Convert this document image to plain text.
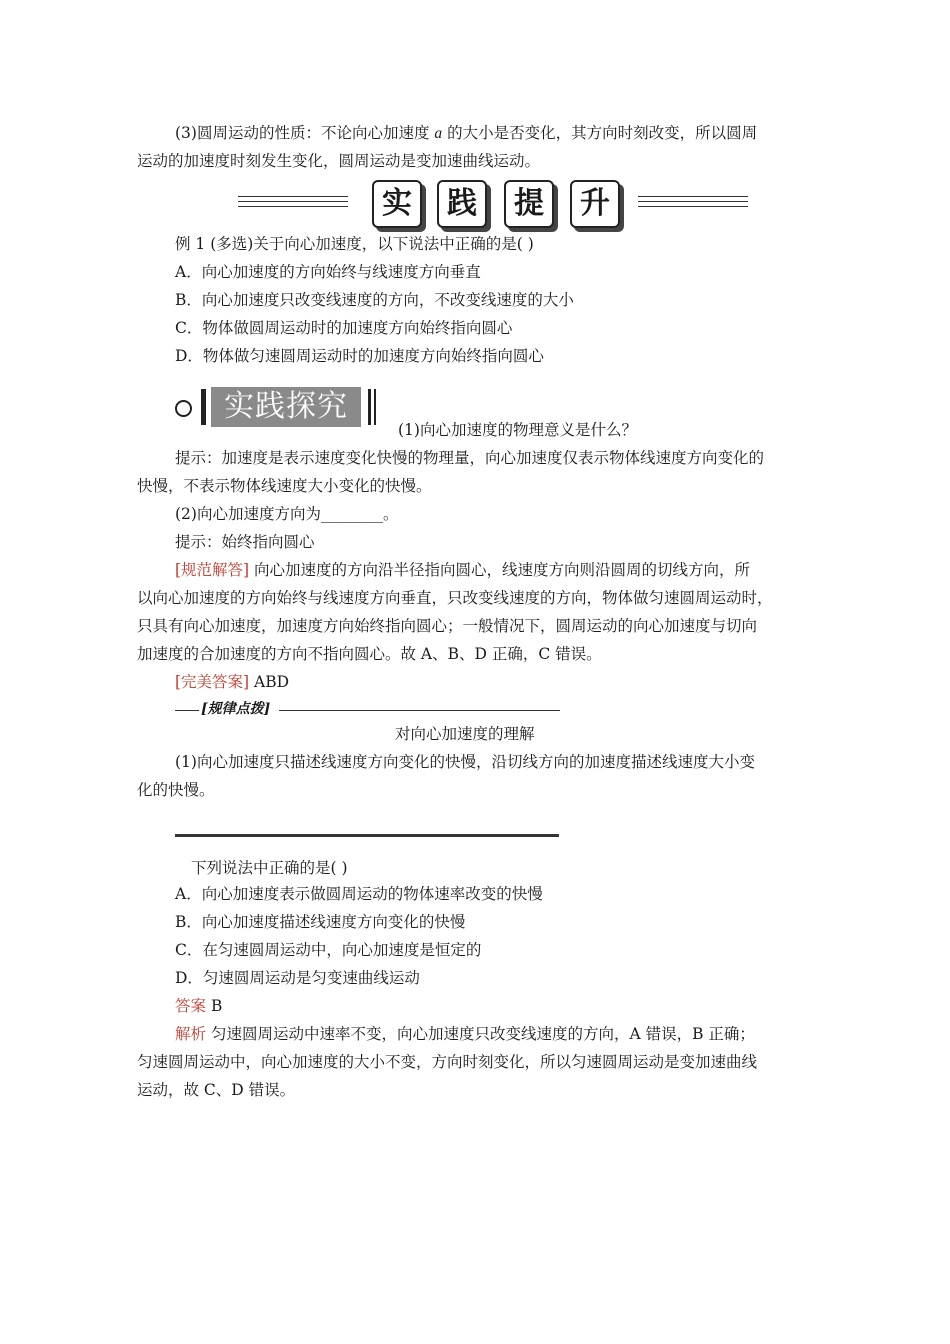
(3)圆周运动的性质：不论向心加速度 a 的大小是否变化，其方向时刻改变，所以圆周
运动的加速度时刻发生变化，圆周运动是变加速曲线运动。
实	践	提	升
例 1 (多选)关于向心加速度，以下说法中正确的是( )
A．向心加速度的方向始终与线速度方向垂直
B．向心加速度只改变线速度的方向，不改变线速度的大小
C．物体做圆周运动时的加速度方向始终指向圆心
D．物体做匀速圆周运动时的加速度方向始终指向圆心
实践探究
(1)向心加速度的物理意义是什么？
提示：加速度是表示速度变化快慢的物理量，向心加速度仅表示物体线速度方向变化的
快慢，不表示物体线速度大小变化的快慢。
(2)向心加速度方向为________。
提示：始终指向圆心
[规范解答] 向心加速度的方向沿半径指向圆心，线速度方向则沿圆周的切线方向，所
以向心加速度的方向始终与线速度方向垂直，只改变线速度的方向，物体做匀速圆周运动时，
只具有向心加速度，加速度方向始终指向圆心；一般情况下，圆周运动的向心加速度与切向
加速度的合加速度的方向不指向圆心。故 A、B、D 正确，C 错误。
[完美答案] ABD
[规律点拨]
对向心加速度的理解
(1)向心加速度只描述线速度方向变化的快慢，沿切线方向的加速度描述线速度大小变
化的快慢。
下列说法中正确的是( )
A．向心加速度表示做圆周运动的物体速率改变的快慢
B．向心加速度描述线速度方向变化的快慢
C．在匀速圆周运动中，向心加速度是恒定的
D．匀速圆周运动是匀变速曲线运动
答案 B
解析 匀速圆周运动中速率不变，向心加速度只改变线速度的方向，A 错误，B 正确；
匀速圆周运动中，向心加速度的大小不变，方向时刻变化，所以匀速圆周运动是变加速曲线
运动，故 C、D 错误。
